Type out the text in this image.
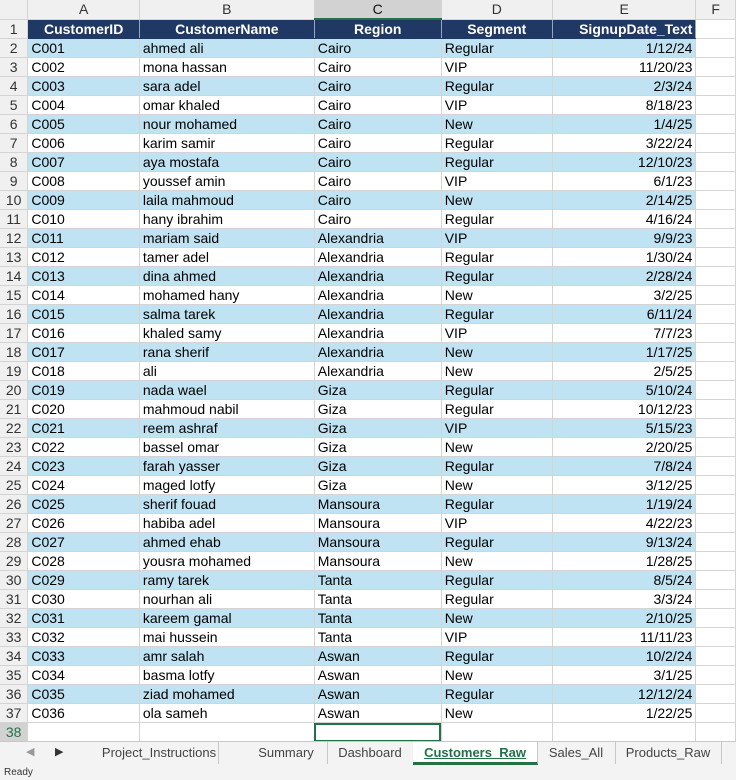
	A	B	C	D	E	F
1	CustomerID	CustomerName	Region	Segment	SignupDate_Text	
2	C001	ahmed ali	Cairo	Regular	1/12/24	
3	C002	mona hassan	Cairo	VIP	11/20/23	
4	C003	sara adel	Cairo	Regular	2/3/24	
5	C004	omar khaled	Cairo	VIP	8/18/23	
6	C005	nour mohamed	Cairo	New	1/4/25	
7	C006	karim samir	Cairo	Regular	3/22/24	
8	C007	aya mostafa	Cairo	Regular	12/10/23	
9	C008	youssef amin	Cairo	VIP	6/1/23	
10	C009	laila mahmoud	Cairo	New	2/14/25	
11	C010	hany ibrahim	Cairo	Regular	4/16/24	
12	C011	mariam said	Alexandria	VIP	9/9/23	
13	C012	tamer adel	Alexandria	Regular	1/30/24	
14	C013	dina ahmed	Alexandria	Regular	2/28/24	
15	C014	mohamed hany	Alexandria	New	3/2/25	
16	C015	salma tarek	Alexandria	Regular	6/11/24	
17	C016	khaled samy	Alexandria	VIP	7/7/23	
18	C017	rana sherif	Alexandria	New	1/17/25	
19	C018	ali	Alexandria	New	2/5/25	
20	C019	nada wael	Giza	Regular	5/10/24	
21	C020	mahmoud nabil	Giza	Regular	10/12/23	
22	C021	reem ashraf	Giza	VIP	5/15/23	
23	C022	bassel omar	Giza	New	2/20/25	
24	C023	farah yasser	Giza	Regular	7/8/24	
25	C024	maged lotfy	Giza	New	3/12/25	
26	C025	sherif fouad	Mansoura	Regular	1/19/24	
27	C026	habiba adel	Mansoura	VIP	4/22/23	
28	C027	ahmed ehab	Mansoura	Regular	9/13/24	
29	C028	yousra mohamed	Mansoura	New	1/28/25	
30	C029	ramy tarek	Tanta	Regular	8/5/24	
31	C030	nourhan ali	Tanta	Regular	3/3/24	
32	C031	kareem gamal	Tanta	New	2/10/25	
33	C032	mai hussein	Tanta	VIP	11/11/23	
34	C033	amr salah	Aswan	Regular	10/2/24	
35	C034	basma lotfy	Aswan	New	3/1/25	
36	C035	ziad mohamed	Aswan	Regular	12/12/24	
37	C036	ola sameh	Aswan	New	1/22/25	
38						
◀ ▶	Project_Instructions	Summary	Dashboard	Customers_Raw	Sales_All	Products_Raw
Ready
